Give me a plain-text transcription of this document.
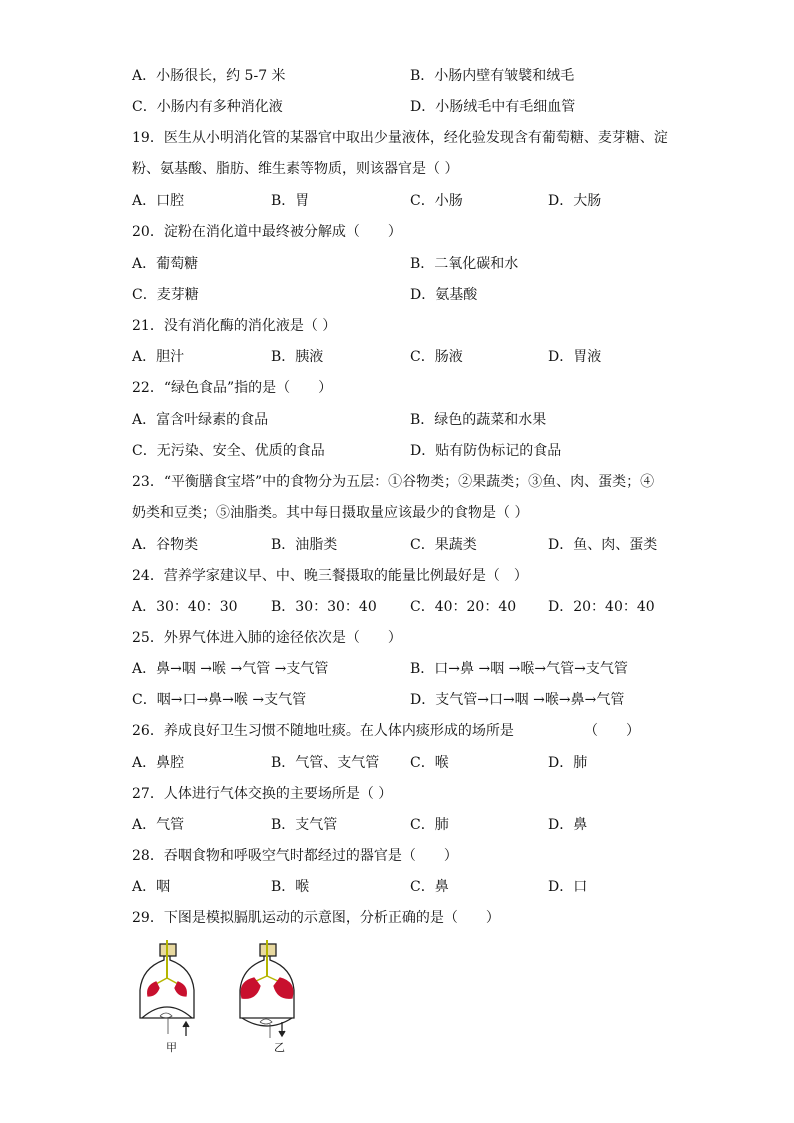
A．小肠很长，约 5-7 米	B．小肠内壁有皱襞和绒毛
C．小肠内有多种消化液	D．小肠绒毛中有毛细血管
19．医生从小明消化管的某器官中取出少量液体，经化验发现含有葡萄糖、麦芽糖、淀
粉、氨基酸、脂肪、维生素等物质，则该器官是（ ）
A．口腔	B．胃	C．小肠	D．大肠
20．淀粉在消化道中最终被分解成（　　）
A．葡萄糖	B．二氧化碳和水
C．麦芽糖	D．氨基酸
21．没有消化酶的消化液是（ ）
A．胆汁	B．胰液	C．肠液	D．胃液
22．“绿色食品”指的是（　　）
A．富含叶绿素的食品	B．绿色的蔬菜和水果
C．无污染、安全、优质的食品	D．贴有防伪标记的食品
23．“平衡膳食宝塔”中的食物分为五层：①谷物类；②果蔬类；③鱼、肉、蛋类；④
奶类和豆类；⑤油脂类。其中每日摄取量应该最少的食物是（ ）
A．谷物类	B．油脂类	C．果蔬类	D．鱼、肉、蛋类
24．营养学家建议早、中、晚三餐摄取的能量比例最好是（　）
A．30：40：30 B．30：30：40 C．40：20：40 D．20：40：40
25．外界气体进入肺的途径依次是（　　）
A．鼻→咽 →喉 →气管 →支气管	B．口→鼻 →咽 →喉→气管→支气管
C．咽→口→鼻→喉 →支气管	D．支气管→口→咽 →喉→鼻→气管
26．养成良好卫生习惯不随地吐痰。在人体内痰形成的场所是	（　　）
A．鼻腔	B．气管、支气管 C．喉	D．肺
27．人体进行气体交换的主要场所是（ ）
A．气管	B．支气管	C．肺	D．鼻
28．吞咽食物和呼吸空气时都经过的器官是（　　）
A．咽	B．喉	C．鼻	D．口
29．下图是模拟膈肌运动的示意图，分析正确的是（　　）
甲	乙
